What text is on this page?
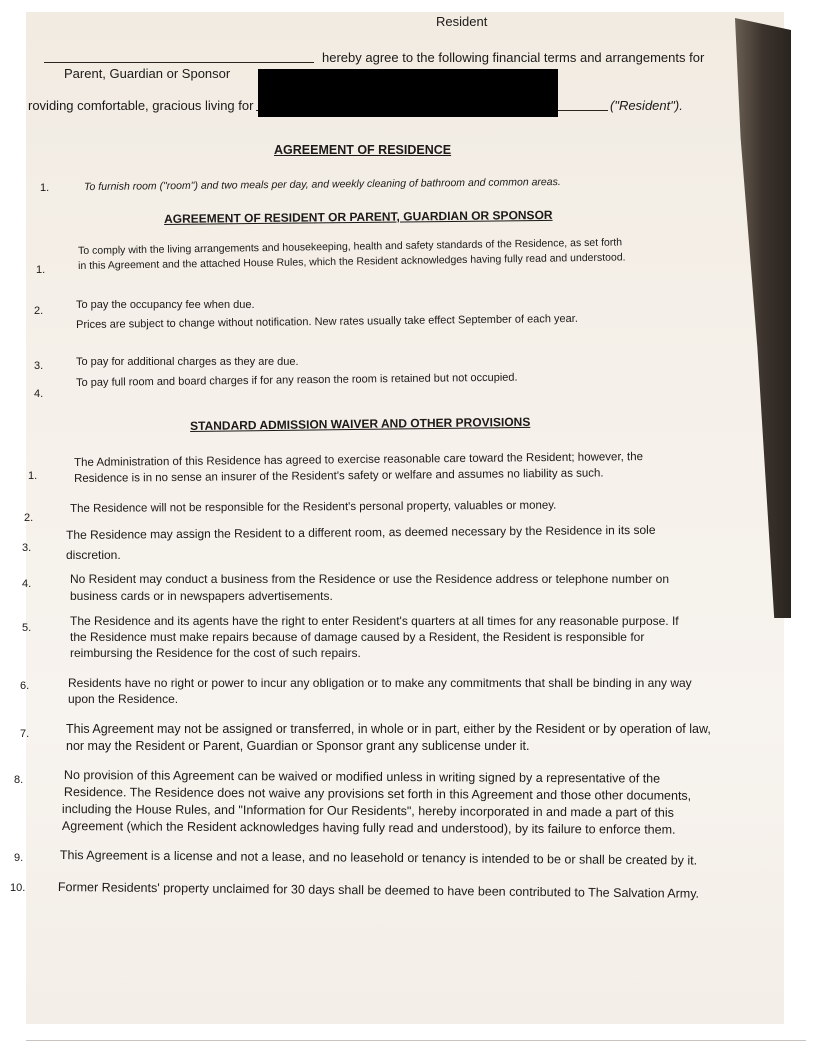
Resident
hereby agree to the following financial terms and arrangements for
Parent, Guardian or Sponsor
roviding comfortable, gracious living for	("Resident").
AGREEMENT OF RESIDENCE
1.	To furnish room ("room") and two meals per day, and weekly cleaning of bathroom and common areas.
AGREEMENT OF RESIDENT OR PARENT, GUARDIAN OR SPONSOR
1.
To comply with the living arrangements and housekeeping, health and safety standards of the Residence, as set forth
in this Agreement and the attached House Rules, which the Resident acknowledges having fully read and understood.
2.	To pay the occupancy fee when due.
Prices are subject to change without notification. New rates usually take effect September of each year.
3.	To pay for additional charges as they are due.
4.
To pay full room and board charges if for any reason the room is retained but not occupied.
STANDARD ADMISSION WAIVER AND OTHER PROVISIONS
1.
The Administration of this Residence has agreed to exercise reasonable care toward the Resident; however, the
Residence is in no sense an insurer of the Resident's safety or welfare and assumes no liability as such.
2.
The Residence will not be responsible for the Resident's personal property, valuables or money.
3.
The Residence may assign the Resident to a different room, as deemed necessary by the Residence in its sole
discretion.
4.	No Resident may conduct a business from the Residence or use the Residence address or telephone number on
business cards or in newspapers advertisements.
5.	The Residence and its agents have the right to enter Resident's quarters at all times for any reasonable purpose. If
the Residence must make repairs because of damage caused by a Resident, the Resident is responsible for
reimbursing the Residence for the cost of such repairs.
6.	Residents have no right or power to incur any obligation or to make any commitments that shall be binding in any way
upon the Residence.
7.	This Agreement may not be assigned or transferred, in whole or in part, either by the Resident or by operation of law,
nor may the Resident or Parent, Guardian or Sponsor grant any sublicense under it.
8.	No provision of this Agreement can be waived or modified unless in writing signed by a representative of the
Residence. The Residence does not waive any provisions set forth in this Agreement and those other documents,
including the House Rules, and "Information for Our Residents", hereby incorporated in and made a part of this
Agreement (which the Resident acknowledges having fully read and understood), by its failure to enforce them.
9.	This Agreement is a license and not a lease, and no leasehold or tenancy is intended to be or shall be created by it.
10.	Former Residents' property unclaimed for 30 days shall be deemed to have been contributed to The Salvation Army.
